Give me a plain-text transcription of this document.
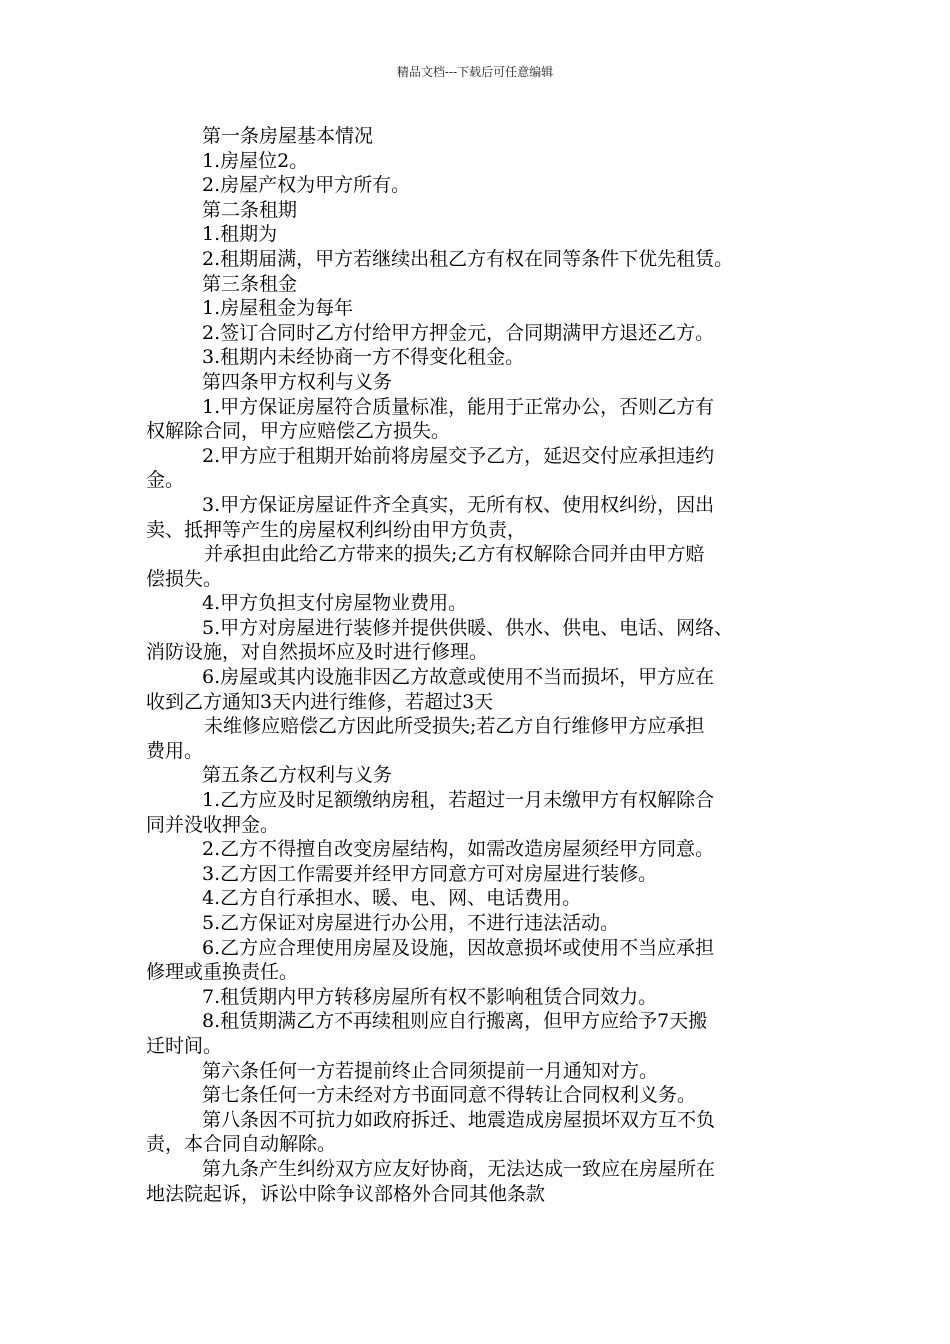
精品文档---下载后可任意编辑

第一条房屋基本情况

1.房屋位2。

2.房屋产权为甲方所有。

第二条租期

1.租期为

2.租期届满，甲方若继续出租乙方有权在同等条件下优先租赁。

第三条租金

1.房屋租金为每年

2.签订合同时乙方付给甲方押金元，合同期满甲方退还乙方。

3.租期内未经协商一方不得变化租金。

第四条甲方权利与义务

1.甲方保证房屋符合质量标准，能用于正常办公，否则乙方有

权解除合同，甲方应赔偿乙方损失。

2.甲方应于租期开始前将房屋交予乙方，延迟交付应承担违约

金。

3.甲方保证房屋证件齐全真实，无所有权、使用权纠纷，因出

卖、抵押等产生的房屋权利纠纷由甲方负责，

并承担由此给乙方带来的损失;乙方有权解除合同并由甲方赔

偿损失。

4.甲方负担支付房屋物业费用。

5.甲方对房屋进行装修并提供供暖、供水、供电、电话、网络、

消防设施，对自然损坏应及时进行修理。

6.房屋或其内设施非因乙方故意或使用不当而损坏，甲方应在

收到乙方通知3天内进行维修，若超过3天

未维修应赔偿乙方因此所受损失;若乙方自行维修甲方应承担

费用。

第五条乙方权利与义务

1.乙方应及时足额缴纳房租，若超过一月未缴甲方有权解除合

同并没收押金。

2.乙方不得擅自改变房屋结构，如需改造房屋须经甲方同意。

3.乙方因工作需要并经甲方同意方可对房屋进行装修。

4.乙方自行承担水、暖、电、网、电话费用。

5.乙方保证对房屋进行办公用，不进行违法活动。

6.乙方应合理使用房屋及设施，因故意损坏或使用不当应承担

修理或重换责任。

7.租赁期内甲方转移房屋所有权不影响租赁合同效力。

8.租赁期满乙方不再续租则应自行搬离，但甲方应给予7天搬

迁时间。

第六条任何一方若提前终止合同须提前一月通知对方。

第七条任何一方未经对方书面同意不得转让合同权利义务。

第八条因不可抗力如政府拆迁、地震造成房屋损坏双方互不负

责，本合同自动解除。

第九条产生纠纷双方应友好协商，无法达成一致应在房屋所在

地法院起诉，诉讼中除争议部格外合同其他条款
